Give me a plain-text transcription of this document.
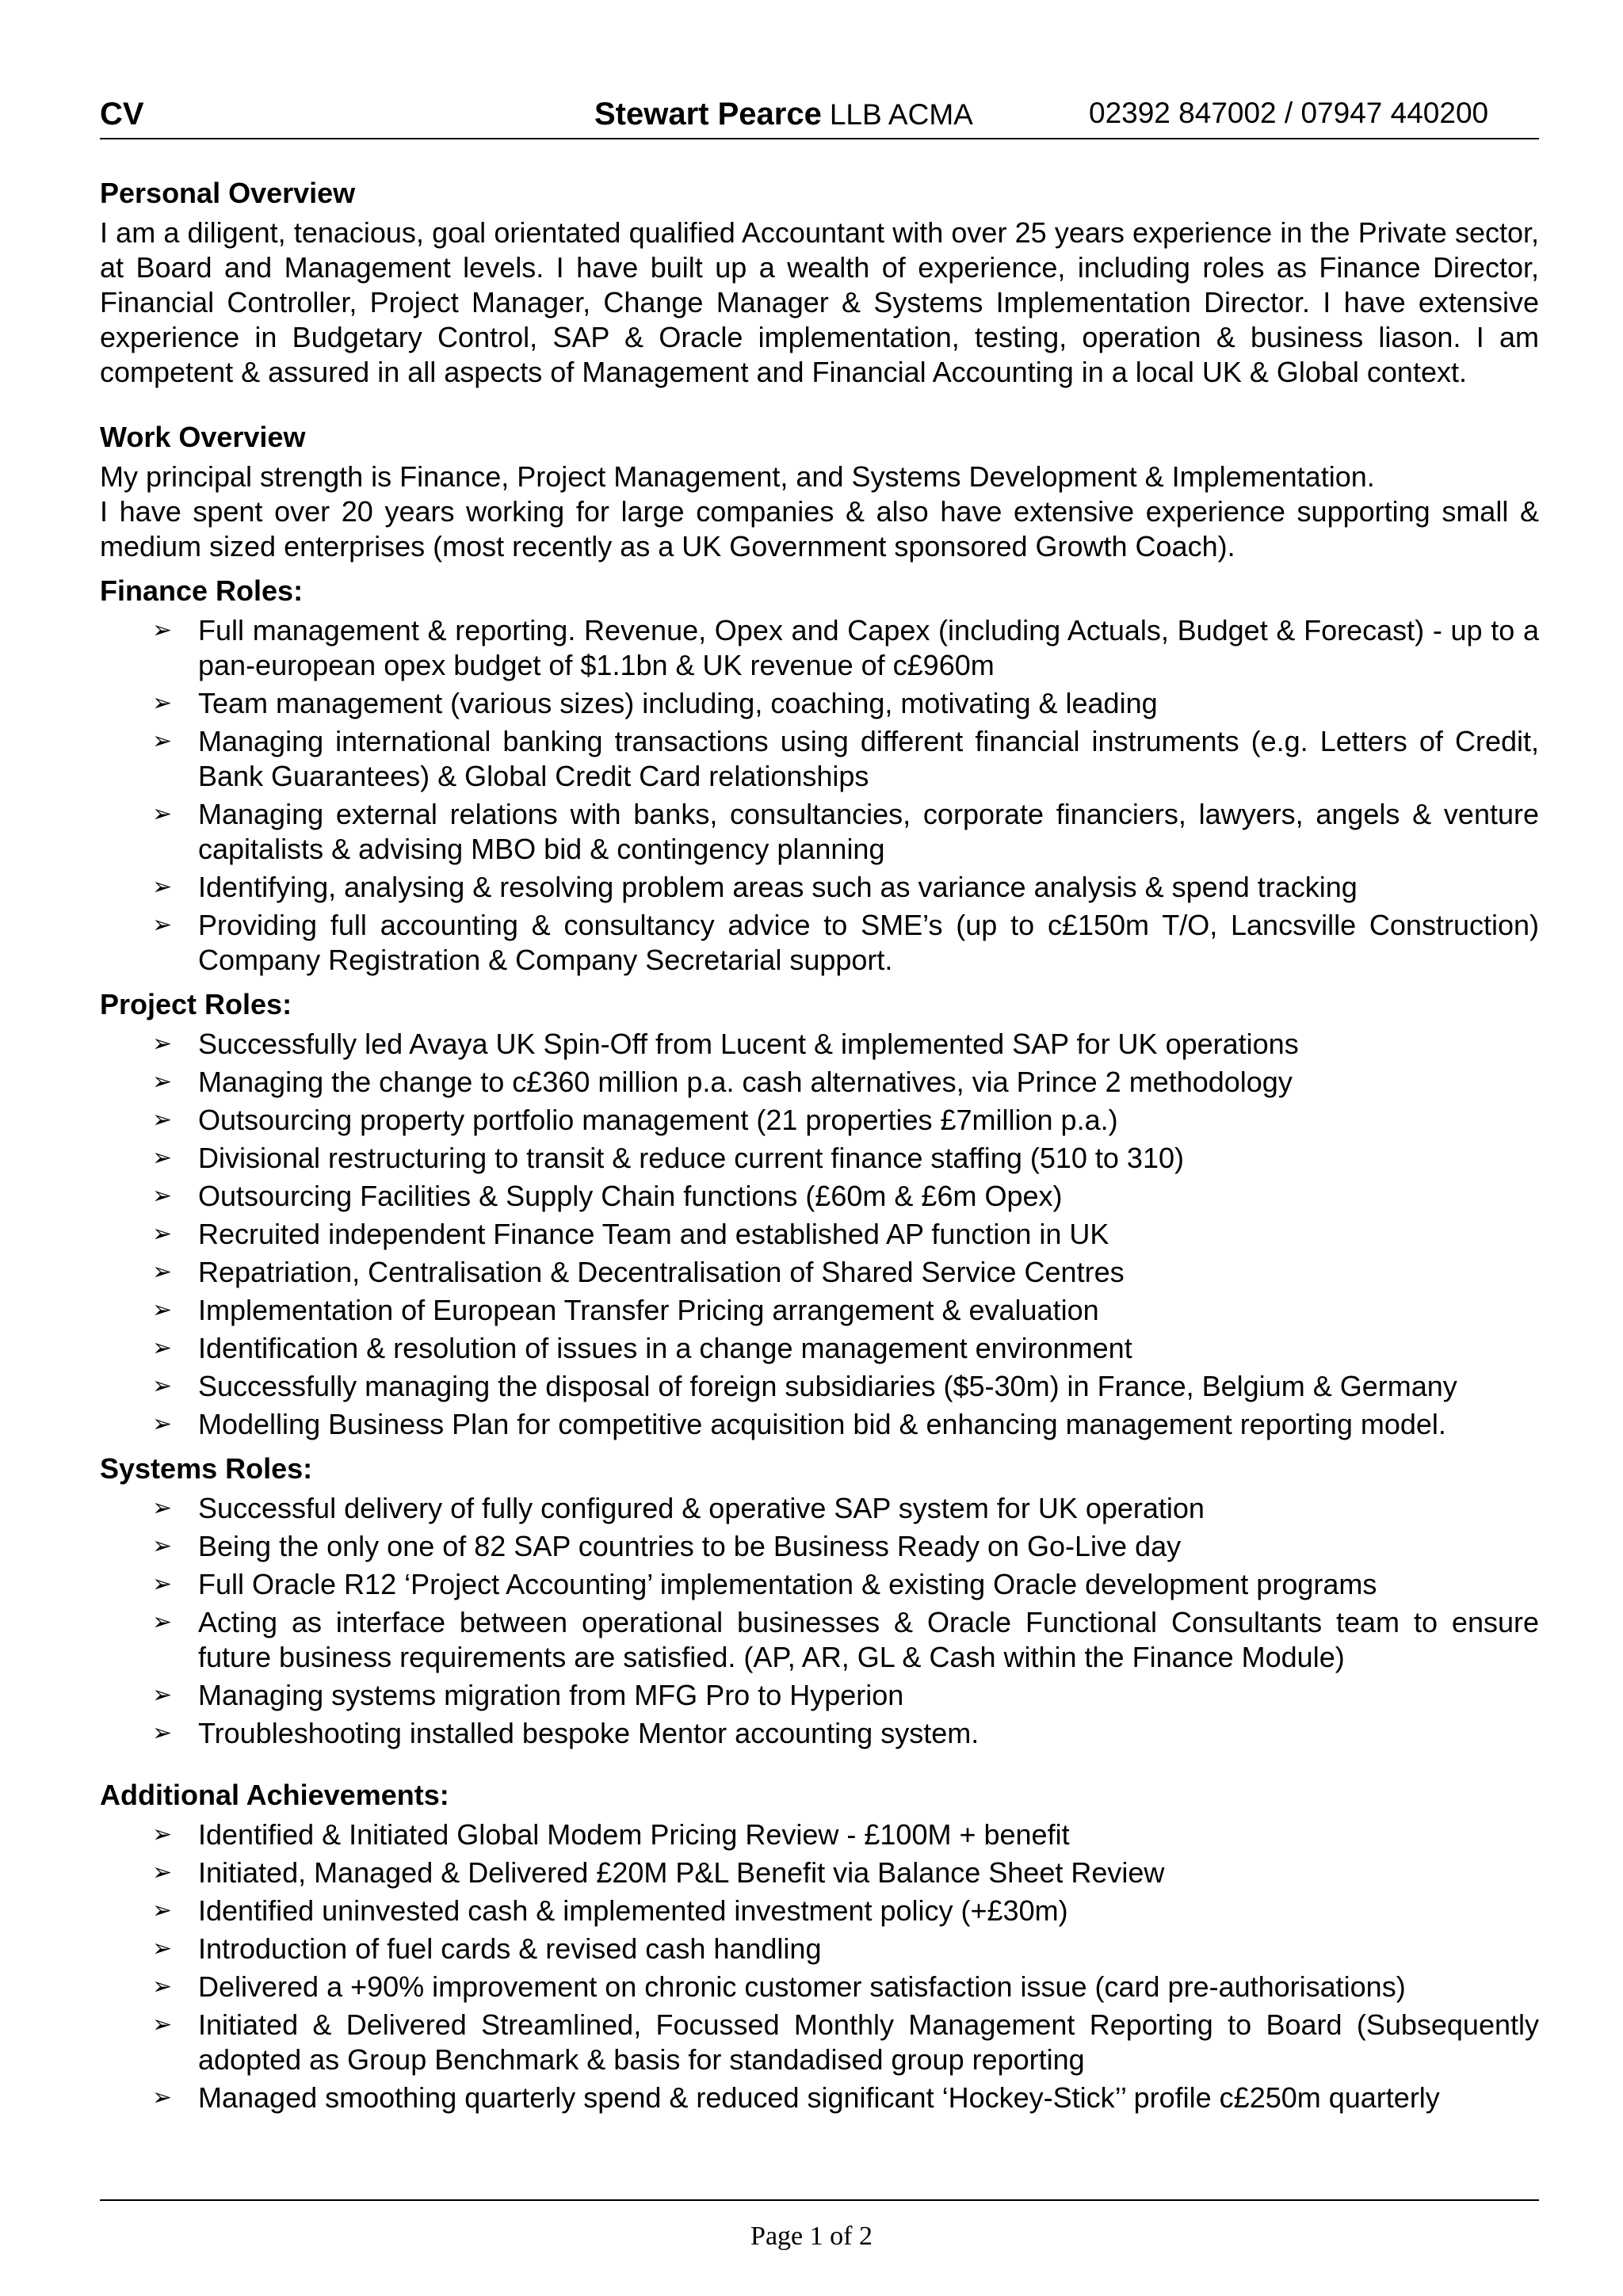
CV	Stewart Pearce LLB ACMA	02392 847002 / 07947 440200
Personal Overview
I am a diligent, tenacious, goal orientated qualified Accountant with over 25 years experience in the Private sector, at Board and Management levels. I have built up a wealth of experience, including roles as Finance Director, Financial Controller, Project Manager, Change Manager & Systems Implementation Director. I have extensive experience in Budgetary Control, SAP & Oracle implementation, testing, operation & business liason. I am competent & assured in all aspects of Management and Financial Accounting in a local UK & Global context.
Work Overview
My principal strength is Finance, Project Management, and Systems Development & Implementation.
I have spent over 20 years working for large companies & also have extensive experience supporting small & medium sized enterprises (most recently as a UK Government sponsored Growth Coach).
Finance Roles:
➢ Full management & reporting. Revenue, Opex and Capex (including Actuals, Budget & Forecast) - up to a pan-european opex budget of $1.1bn & UK revenue of c£960m
➢ Team management (various sizes) including, coaching, motivating & leading
➢ Managing international banking transactions using different financial instruments (e.g. Letters of Credit, Bank Guarantees) & Global Credit Card relationships
➢ Managing external relations with banks, consultancies, corporate financiers, lawyers, angels & venture capitalists & advising MBO bid & contingency planning
➢ Identifying, analysing & resolving problem areas such as variance analysis & spend tracking
➢ Providing full accounting & consultancy advice to SME’s (up to c£150m T/O, Lancsville Construction) Company Registration & Company Secretarial support.
Project Roles:
➢ Successfully led Avaya UK Spin-Off from Lucent & implemented SAP for UK operations
➢ Managing the change to c£360 million p.a. cash alternatives, via Prince 2 methodology
➢ Outsourcing property portfolio management (21 properties £7million p.a.)
➢ Divisional restructuring to transit & reduce current finance staffing (510 to 310)
➢ Outsourcing Facilities & Supply Chain functions (£60m & £6m Opex)
➢ Recruited independent Finance Team and established AP function in UK
➢ Repatriation, Centralisation & Decentralisation of Shared Service Centres
➢ Implementation of European Transfer Pricing arrangement & evaluation
➢ Identification & resolution of issues in a change management environment
➢ Successfully managing the disposal of foreign subsidiaries ($5-30m) in France, Belgium & Germany
➢ Modelling Business Plan for competitive acquisition bid & enhancing management reporting model.
Systems Roles:
➢ Successful delivery of fully configured & operative SAP system for UK operation
➢ Being the only one of 82 SAP countries to be Business Ready on Go-Live day
➢ Full Oracle R12 ‘Project Accounting’ implementation & existing Oracle development programs
➢ Acting as interface between operational businesses & Oracle Functional Consultants team to ensure future business requirements are satisfied. (AP, AR, GL & Cash within the Finance Module)
➢ Managing systems migration from MFG Pro to Hyperion
➢ Troubleshooting installed bespoke Mentor accounting system.
Additional Achievements:
➢ Identified & Initiated Global Modem Pricing Review - £100M + benefit
➢ Initiated, Managed & Delivered £20M P&L Benefit via Balance Sheet Review
➢ Identified uninvested cash & implemented investment policy (+£30m)
➢ Introduction of fuel cards & revised cash handling
➢ Delivered a +90% improvement on chronic customer satisfaction issue (card pre-authorisations)
➢ Initiated & Delivered Streamlined, Focussed Monthly Management Reporting to Board (Subsequently adopted as Group Benchmark & basis for standadised group reporting
➢ Managed smoothing quarterly spend & reduced significant ‘Hockey-Stick’’ profile c£250m quarterly
Page 1 of 2
